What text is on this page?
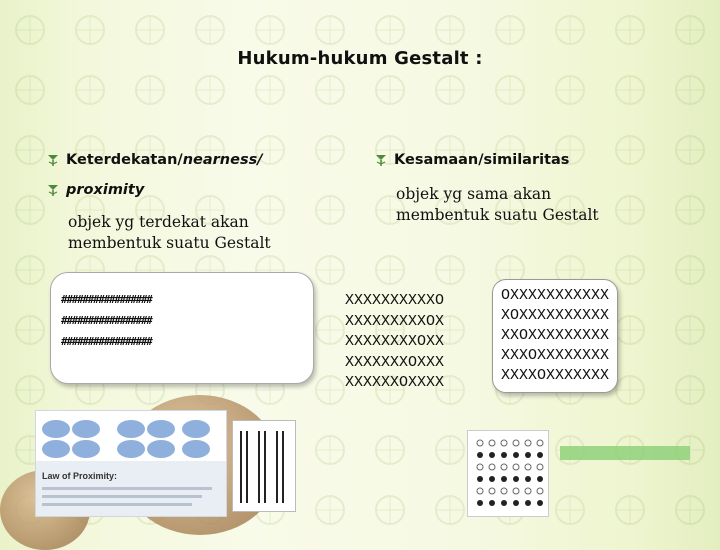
Hukum-hukum Gestalt :
Keterdekatan/ nearness/
proximity
objek yg terdekat akan
membentuk suatu Gestalt
Kesamaan/similaritas
objek yg sama akan
membentuk suatu Gestalt
#################
#################
#################
XXXXXXXXXXO
XXXXXXXXXOX
XXXXXXXXOXX
XXXXXXXOXXX
XXXXXXOXXXX
OXXXXXXXXXXX
XOXXXXXXXXXX
XXOXXXXXXXXX
XXXOXXXXXXXX
XXXXOXXXXXXX
Law of Proximity:
